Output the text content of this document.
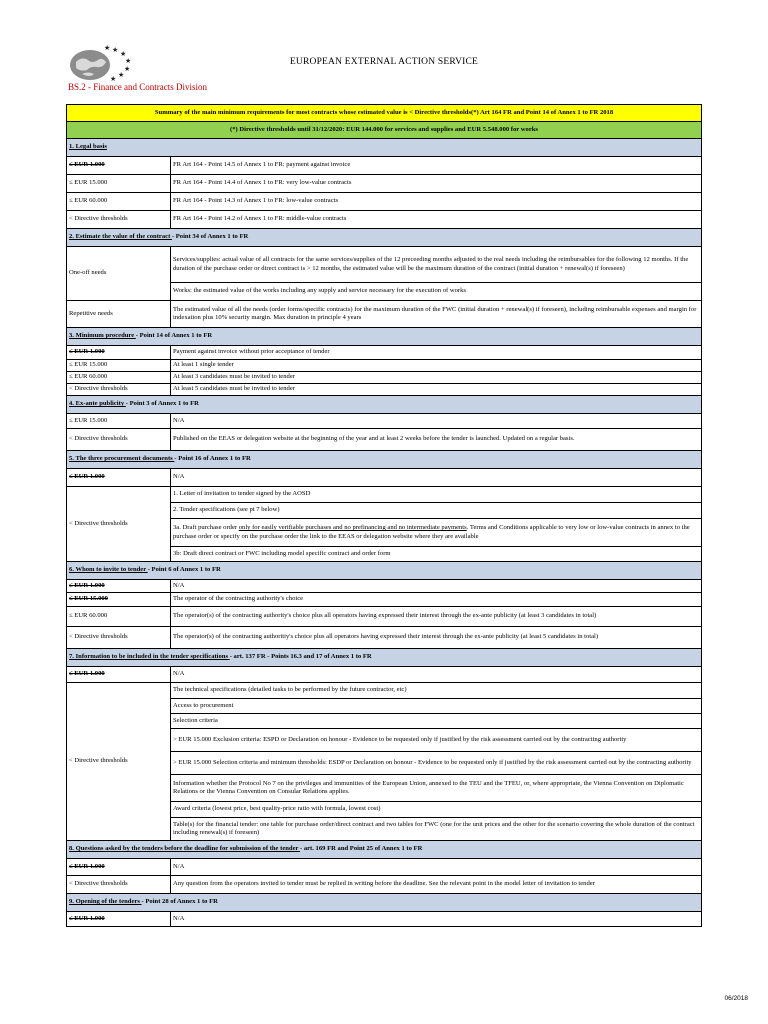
★ ★
★
★
★
★
★
EUROPEAN EXTERNAL ACTION SERVICE
BS.2 - Finance and Contracts Division
Summary of the main minimum requirements for most contracts whose estimated value is < Directive thresholds(*) Art 164 FR and Point 14 of Annex 1 to FR 2018	
(*) Directive thresholds until 31/12/2020: EUR 144.000 for services and supplies and EUR 5.548.000 for works	
1. Legal basis	
≤ EUR 1.000	FR Art 164 - Point 14.5 of Annex 1 to FR: payment against invoice
≤ EUR 15.000	FR Art 164 - Point 14.4 of Annex 1 to FR: very low-value contracts
≤ EUR 60.000	FR Art 164 - Point 14.3 of Annex 1 to FR: low-value contracts
< Directive thresholds	FR Art 164 - Point 14.2 of Annex 1 to FR: middle-value contracts
2. Estimate the value of the contract - Point 34 of Annex 1 to FR	
One-off needs	Services/supplies: actual value of all contracts for the same services/supplies of the 12 preceeding months adjusted to the real needs including the reimbursables for the following 12 months. If the duration of the purchase order or direct contract is > 12 months, the estimated value will be the maximum duration of the contract (initial duration + renewal(s) if foreseen)
	Works: the estimated value of the works including any supply and service necessary for the execution of works
Repetitive needs	The estimated value of all the needs (order forms/specific contracts) for the maximum duration of the FWC (initial duration + renewal(s) if foreseen), including reimbursable expenses and margin for indexation plus 10% security margin. Max duration in principle 4 years
3. Minimum procedure - Point 14 of Annex 1 to FR	
≤ EUR 1.000	Payment against invoice without prior acceptance of tender
≤ EUR 15.000	At least 1 single tender
≤ EUR 60.000	At least 3 candidates must be invited to tender
< Directive thresholds	At least 5 candidates must be invited to tender
4. Ex-ante publicity - Point 3 of Annex 1 to FR	
≤ EUR 15.000	N/A
< Directive thresholds	Published on the EEAS or delegation website at the beginning of the year and at least 2 weeks before the tender is launched. Updated on a regular basis.
5. The three procurement documents - Point 16 of Annex 1 to FR	
≤ EUR 1.000	N/A
< Directive thresholds	1. Letter of invitation to tender signed by the AOSD
	2. Tender specifications (see pt 7 below)
	3a. Draft purchase order only for easily verifiable purchases and no prefinancing and no intermediate payments. Terms and Conditions applicable to very low or low-value contracts in annex to the purchase order or specify on the purchase order the link to the EEAS or delegation website where they are available
	3b: Draft direct contract or FWC including model specific contract and order form
6. Whom to invite to tender - Point 6 of Annex 1 to FR	
≤ EUR 1.000	N/A
≤ EUR 15.000	The operator of the contracting authority's choice
≤ EUR 60.000	The operator(s) of the contracting authority's choice plus all operators having expressed their interest through the ex-ante publicity (at least 3 candidates in total)
< Directive thresholds	The operator(s) of the contracting authoritiy's choice plus all operators having expressed their interest through the ex-ante publicity (at least 5 candidates in total)
7. Information to be included in the tender specifications - art. 137 FR - Points 16.3 and 17 of Annex 1 to FR	
≤ EUR 1.000	N/A
< Directive thresholds	The technical specifications (detailed tasks to be performed by the future contractor, etc)
	Access to procurement
	Selection criteria
	> EUR 15.000 Exclusion criteria: ESPD or Declaration on honour - Evidence to be requested only if justified by the risk assessment carried out by the contracting authority
	> EUR 15.000 Selection criteria and minimum thresholds: ESDP or Declaration on honour - Evidence to be requested only if justified by the risk assessment carried out by the contracting authority
	Information whether the Protocol No 7 on the privileges and immunities of the European Union, annexed to the TEU and the TFEU, or, where appropriate, the Vienna Convention on Diplomatic Relations or the Vienna Convention on Consular Relations applies.
	Award criteria (lowest price, best quality-price ratio with formula, lowest cost)
	Table(s) for the financial tender: one table for purchase order/direct contract and two tables for FWC (one for the unit prices and the other for the scenario covering the whole duration of the contract including renewal(s) if foreseen)
8. Questions asked by the tenders before the deadline for submission of the tender - art. 169 FR and Point 25 of Annex 1 to FR	
≤ EUR 1.000	N/A
< Directive thresholds	Any question from the operators invited to tender must be replied in writing before the deadline. See the relevant point in the model letter of invitation to tender
9. Opening of the tenders - Point 28 of Annex 1 to FR	
≤ EUR 1.000	N/A
06/2018
